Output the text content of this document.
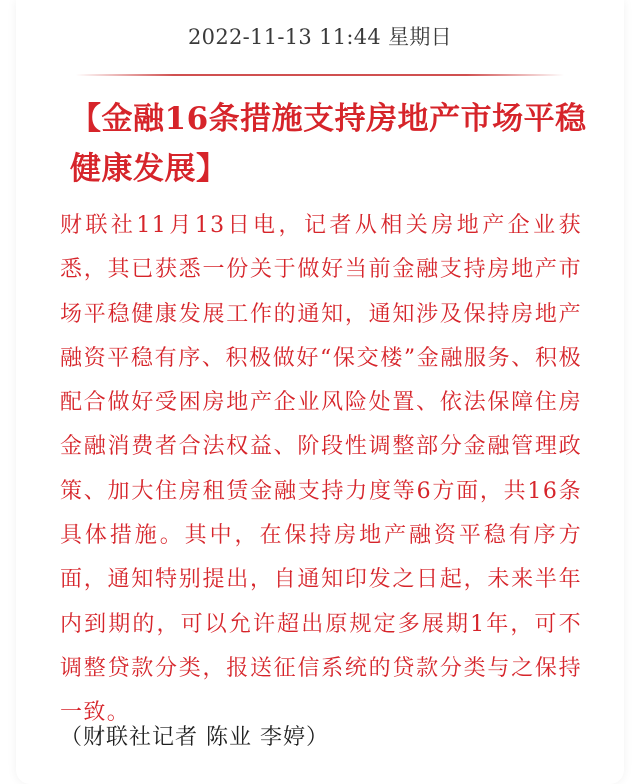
2022-11-13 11:44 星期日
【金融16条措施支持房地产市场平稳健康发展】

财联社11月13日电，记者从相关房地产企业获悉，其已获悉一份关于做好当前金融支持房地产市场平稳健康发展工作的通知，通知涉及保持房地产融资平稳有序、积极做好“保交楼”金融服务、积极配合做好受困房地产企业风险处置、依法保障住房金融消费者合法权益、阶段性调整部分金融管理政策、加大住房租赁金融支持力度等6方面，共16条具体措施。其中，在保持房地产融资平稳有序方面，通知特别提出，自通知印发之日起，未来半年内到期的，可以允许超出原规定多展期1年，可不调整贷款分类，报送征信系统的贷款分类与之保持一致。

（财联社记者 陈业 李婷）
